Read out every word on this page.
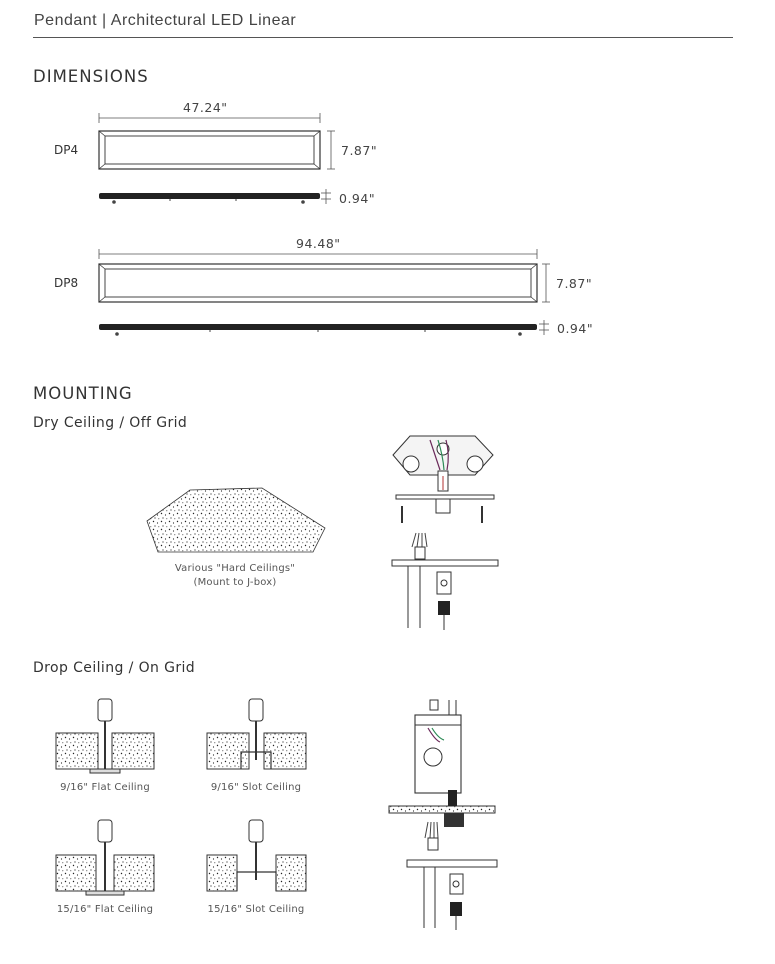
Pendant | Architectural LED Linear
DIMENSIONS
DP4
47.24"
7.87"
0.94"
DP8
94.48"
7.87"
0.94"
MOUNTING
Dry Ceiling / Off Grid
Various "Hard Ceilings"
(Mount to J-box)
Drop Ceiling / On Grid
9/16" Flat Ceiling	9/16" Slot Ceiling
15/16" Flat Ceiling	15/16" Slot Ceiling
